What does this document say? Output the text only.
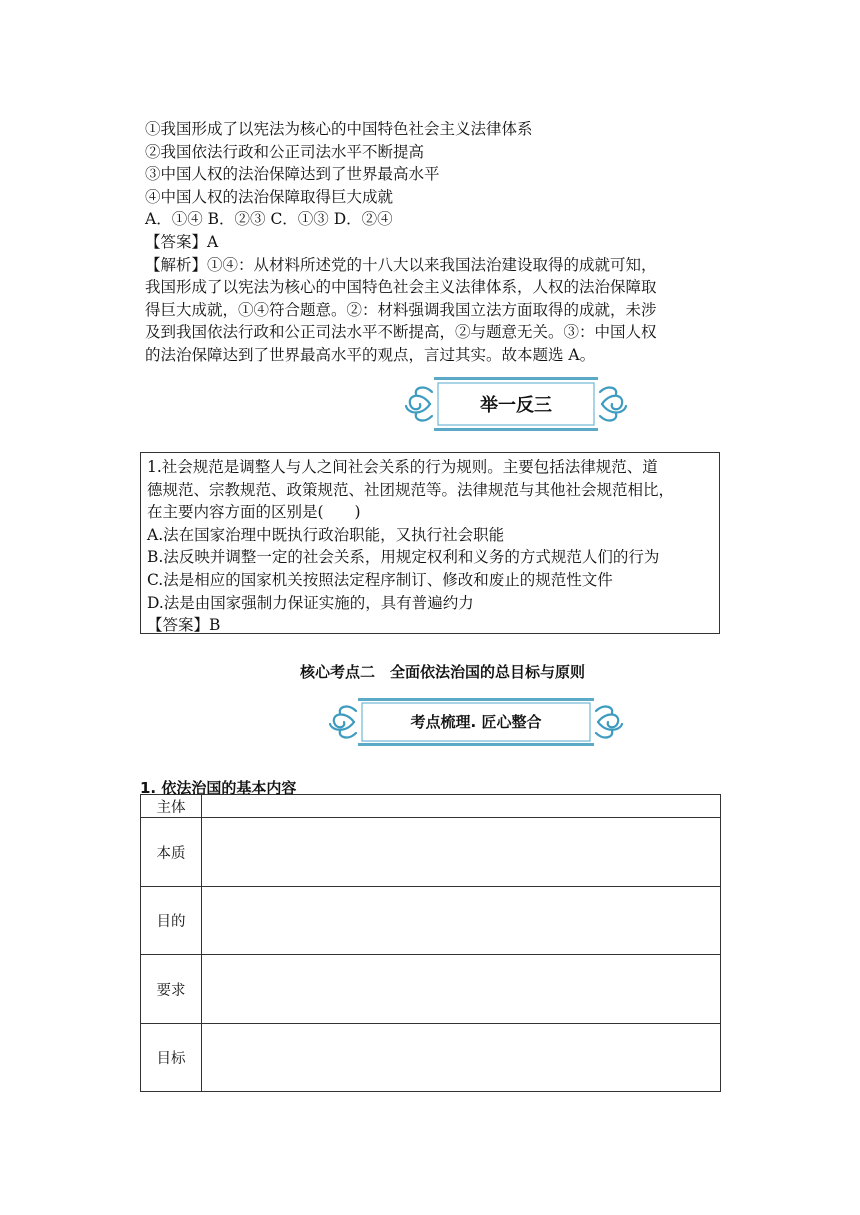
①我国形成了以宪法为核心的中国特色社会主义法律体系
②我国依法行政和公正司法水平不断提高
③中国人权的法治保障达到了世界最高水平
④中国人权的法治保障取得巨大成就
A．①④ B．②③ C．①③ D．②④
【答案】A
【解析】①④：从材料所述党的十八大以来我国法治建设取得的成就可知，
我国形成了以宪法为核心的中国特色社会主义法律体系，人权的法治保障取
得巨大成就，①④符合题意。②：材料强调我国立法方面取得的成就，未涉
及到我国依法行政和公正司法水平不断提高，②与题意无关。③：中国人权
的法治保障达到了世界最高水平的观点，言过其实。故本题选 A。
举一反三
1.社会规范是调整人与人之间社会关系的行为规则。主要包括法律规范、道
德规范、宗教规范、政策规范、社团规范等。法律规范与其他社会规范相比，
在主要内容方面的区别是(　　)
A.法在国家治理中既执行政治职能，又执行社会职能
B.法反映并调整一定的社会关系，用规定权利和义务的方式规范人们的行为
C.法是相应的国家机关按照法定程序制订、修改和废止的规范性文件
D.法是由国家强制力保证实施的，具有普遍约力
【答案】B
核心考点二　全面依法治国的总目标与原则
考点梳理. 匠心整合
1. 依法治国的基本内容
主体	
本质	
目的	
要求	
目标	
